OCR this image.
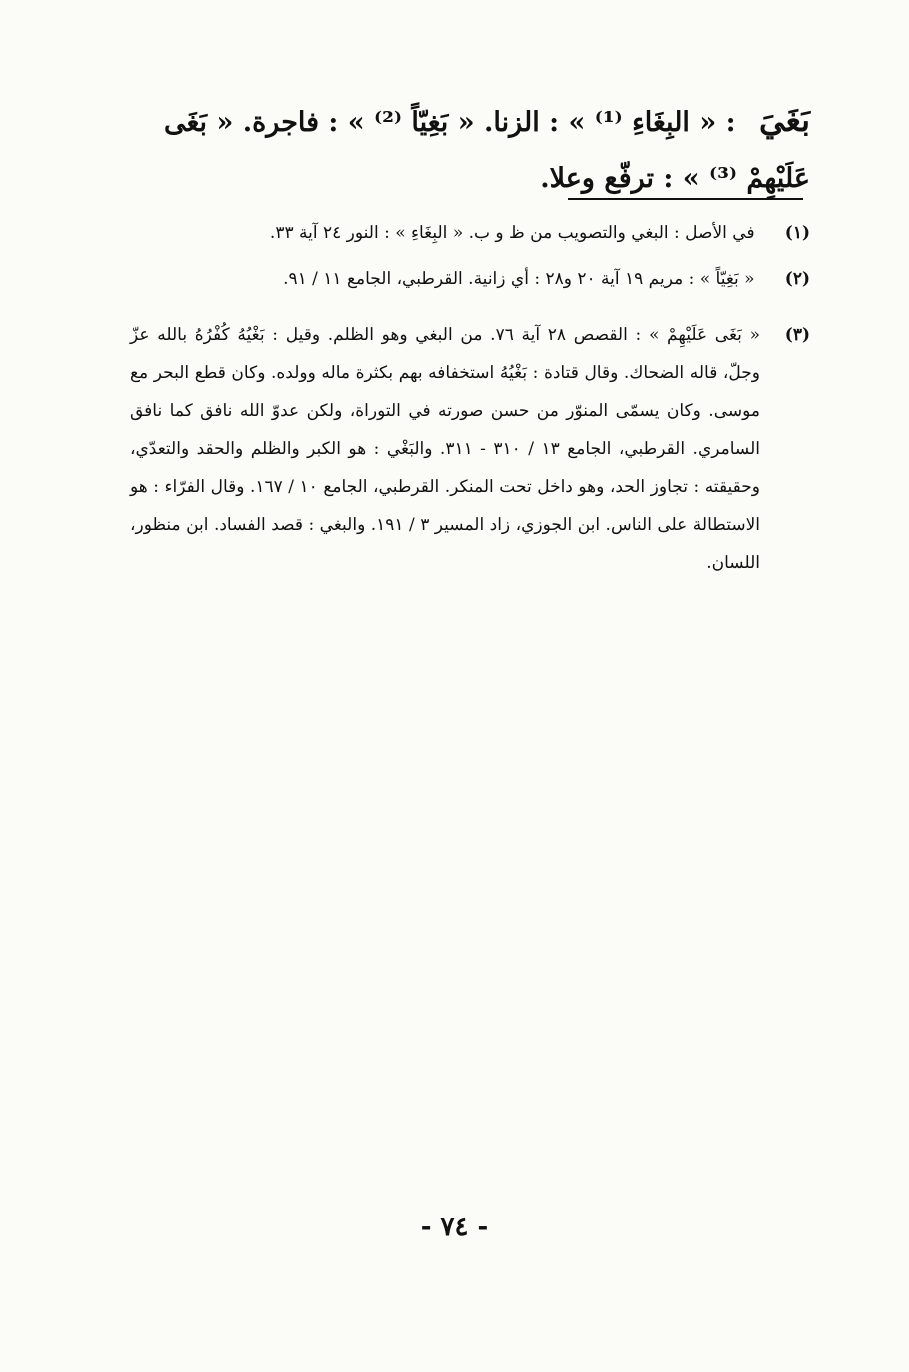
بَغَيَ : « البِغَاءِ ⁽¹⁾ » : الزنا. « بَغِيّاً ⁽²⁾ » : فاجرة. « بَغَى عَلَيْهِمْ ⁽³⁾ » : ترفّع وعلا.
(١) في الأصل : البغي والتصويب من ظ و ب. « البِغَاءِ » : النور ٢٤ آية ٣٣.
(٢) « بَغِيّاً » : مريم ١٩ آية ٢٠ و٢٨ : أي زانية. القرطبي، الجامع ١١ / ٩١.
(٣)
« بَغَى عَلَيْهِمْ » : القصص ٢٨ آية ٧٦. من البغي وهو الظلم. وقيل : بَغْيُهُ كُفْرُهُ بالله عزّ وجلّ، قاله الضحاك. وقال قتادة : بَغْيُهُ استخفافه بهم بكثرة ماله وولده. وكان قطع البحر مع موسى. وكان يسمّى المنوّر من حسن صورته في التوراة، ولكن عدوّ الله نافق كما نافق السامري. القرطبي، الجامع ١٣ / ٣١٠ - ٣١١. والبَغْي : هو الكبر والظلم والحقد والتعدّي، وحقيقته : تجاوز الحد، وهو داخل تحت المنكر. القرطبي، الجامع ١٠ / ١٦٧. وقال الفرّاء : هو الاستطالة على الناس. ابن الجوزي، زاد المسير ٣ / ١٩١. والبغي : قصد الفساد. ابن منظور، اللسان.
- ٧٤ -
